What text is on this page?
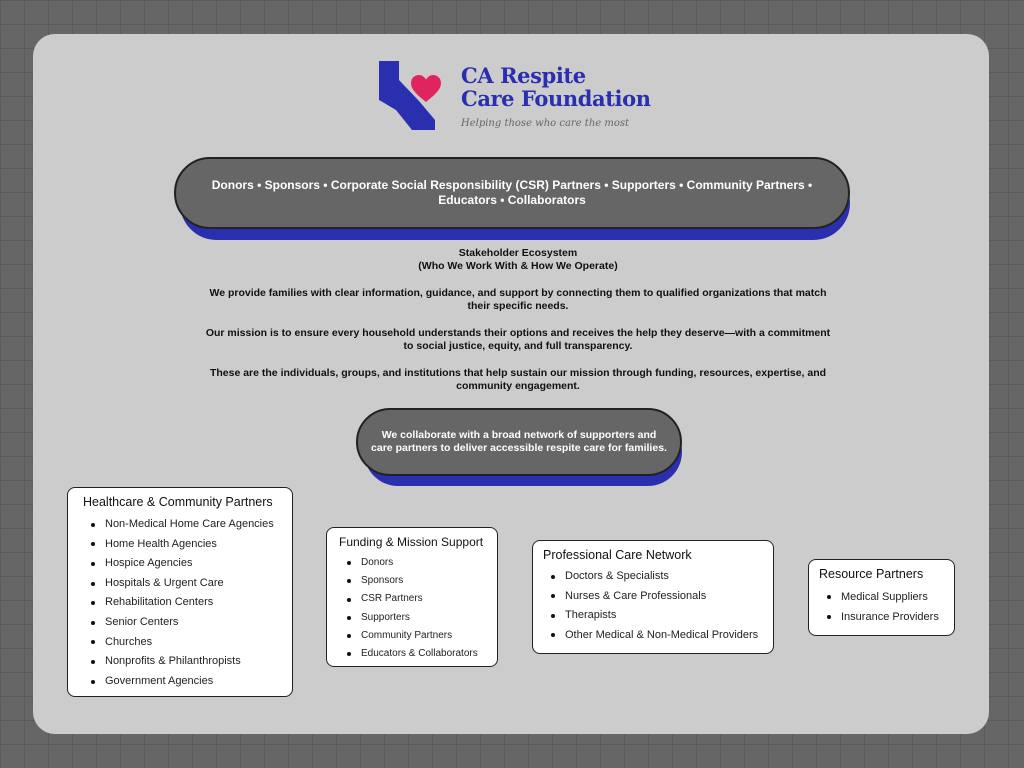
CA Respite
Care Foundation
Helping those who care the most
Donors • Sponsors • Corporate Social Responsibility (CSR) Partners • Supporters • Community Partners • Educators • Collaborators

Stakeholder Ecosystem
(Who We Work With & How We Operate)

We provide families with clear information, guidance, and support by connecting them to qualified organizations that match their specific needs.

Our mission is to ensure every household understands their options and receives the help they deserve—with a commitment to social justice, equity, and full transparency.

These are the individuals, groups, and institutions that help sustain our mission through funding, resources, expertise, and community engagement.

We collaborate with a broad network of supporters and care partners to deliver accessible respite care for families.
Healthcare & Community Partners
Non-Medical Home Care Agencies
Home Health Agencies
Hospice Agencies
Hospitals & Urgent Care
Rehabilitation Centers
Senior Centers
Churches
Nonprofits & Philanthropists
Government Agencies
Funding & Mission Support
Donors
Sponsors
CSR Partners
Supporters
Community Partners
Educators & Collaborators
Professional Care Network
Doctors & Specialists
Nurses & Care Professionals
Therapists
Other Medical & Non-Medical Providers
Resource Partners
Medical Suppliers
Insurance Providers
